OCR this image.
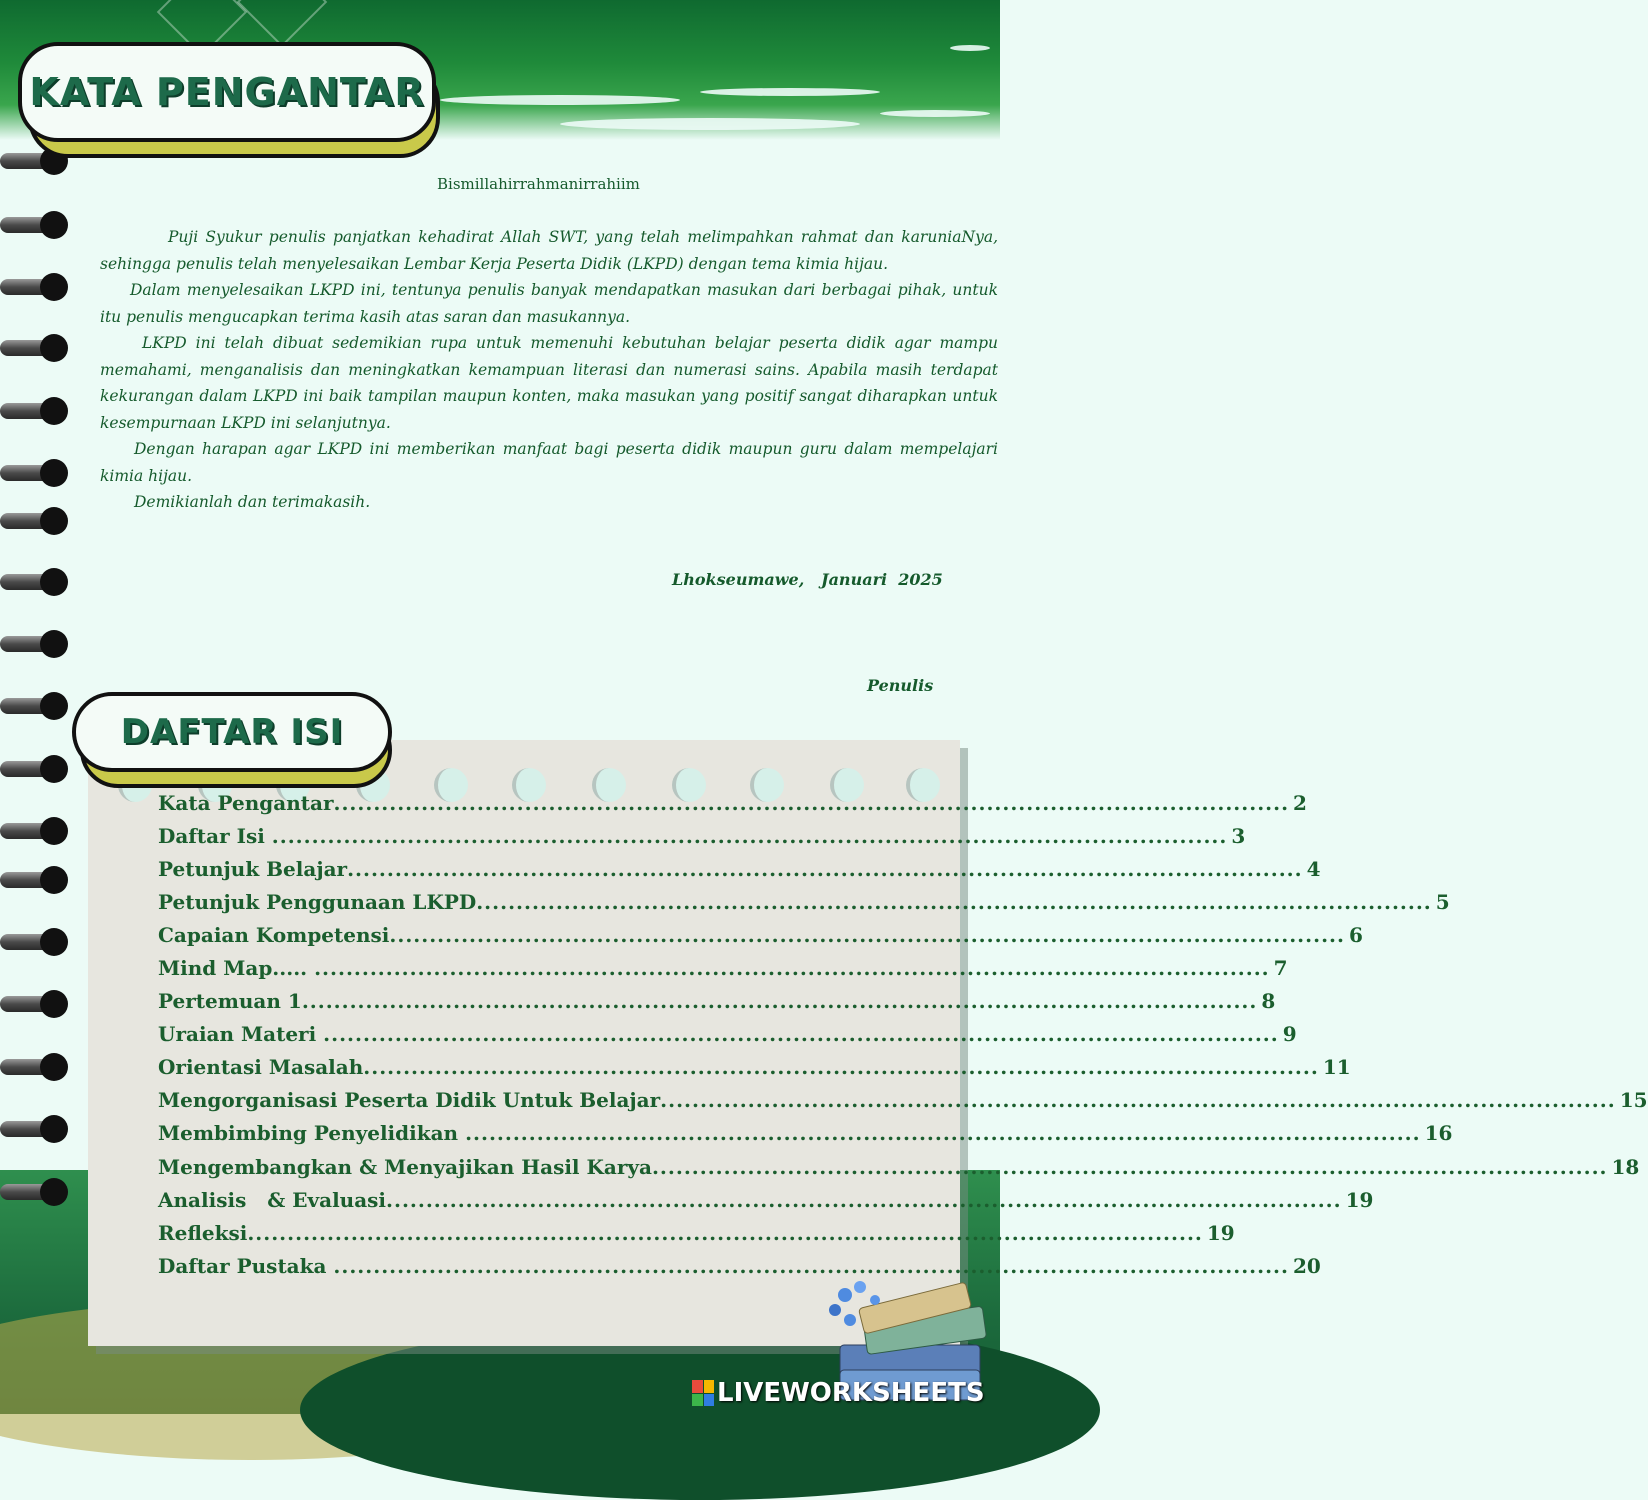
KATA PENGANTAR
Bismillahirrahmanirrahiim

Puji Syukur penulis panjatkan kehadirat Allah SWT, yang telah melimpahkan rahmat dan karuniaNya, sehingga penulis telah menyelesaikan Lembar Kerja Peserta Didik (LKPD) dengan tema kimia hijau.

Dalam menyelesaikan LKPD ini, tentunya penulis banyak mendapatkan masukan dari berbagai pihak, untuk itu penulis mengucapkan terima kasih atas saran dan masukannya.

LKPD ini telah dibuat sedemikian rupa untuk memenuhi kebutuhan belajar peserta didik agar mampu memahami, menganalisis dan meningkatkan kemampuan literasi dan numerasi sains. Apabila masih terdapat kekurangan dalam LKPD ini baik tampilan maupun konten, maka masukan yang positif sangat diharapkan untuk kesempurnaan LKPD ini selanjutnya.

Dengan harapan agar LKPD ini memberikan manfaat bagi peserta didik maupun guru dalam mempelajari kimia hijau.

Demikianlah dan terimakasih.

Lhokseumawe,   Januari  2025
Penulis
DAFTAR ISI
Kata Pengantar ........................................................................................................................ 2
Daftar Isi ........................................................................................................................ 3
Petunjuk Belajar ........................................................................................................................ 4
Petunjuk Penggunaan LKPD ........................................................................................................................ 5
Capaian Kompetensi ........................................................................................................................ 6
Mind Map..... ........................................................................................................................ 7
Pertemuan 1 ........................................................................................................................ 8
Uraian Materi ........................................................................................................................ 9
Orientasi Masalah ........................................................................................................................ 11
Mengorganisasi Peserta Didik Untuk Belajar ........................................................................................................................ 15
Membimbing Penyelidikan ........................................................................................................................ 16
Mengembangkan & Menyajikan Hasil Karya ........................................................................................................................ 18
Analisis   & Evaluasi ........................................................................................................................ 19
Refleksi ........................................................................................................................ 19
Daftar Pustaka ........................................................................................................................ 20
LIVEWORKSHEETS
